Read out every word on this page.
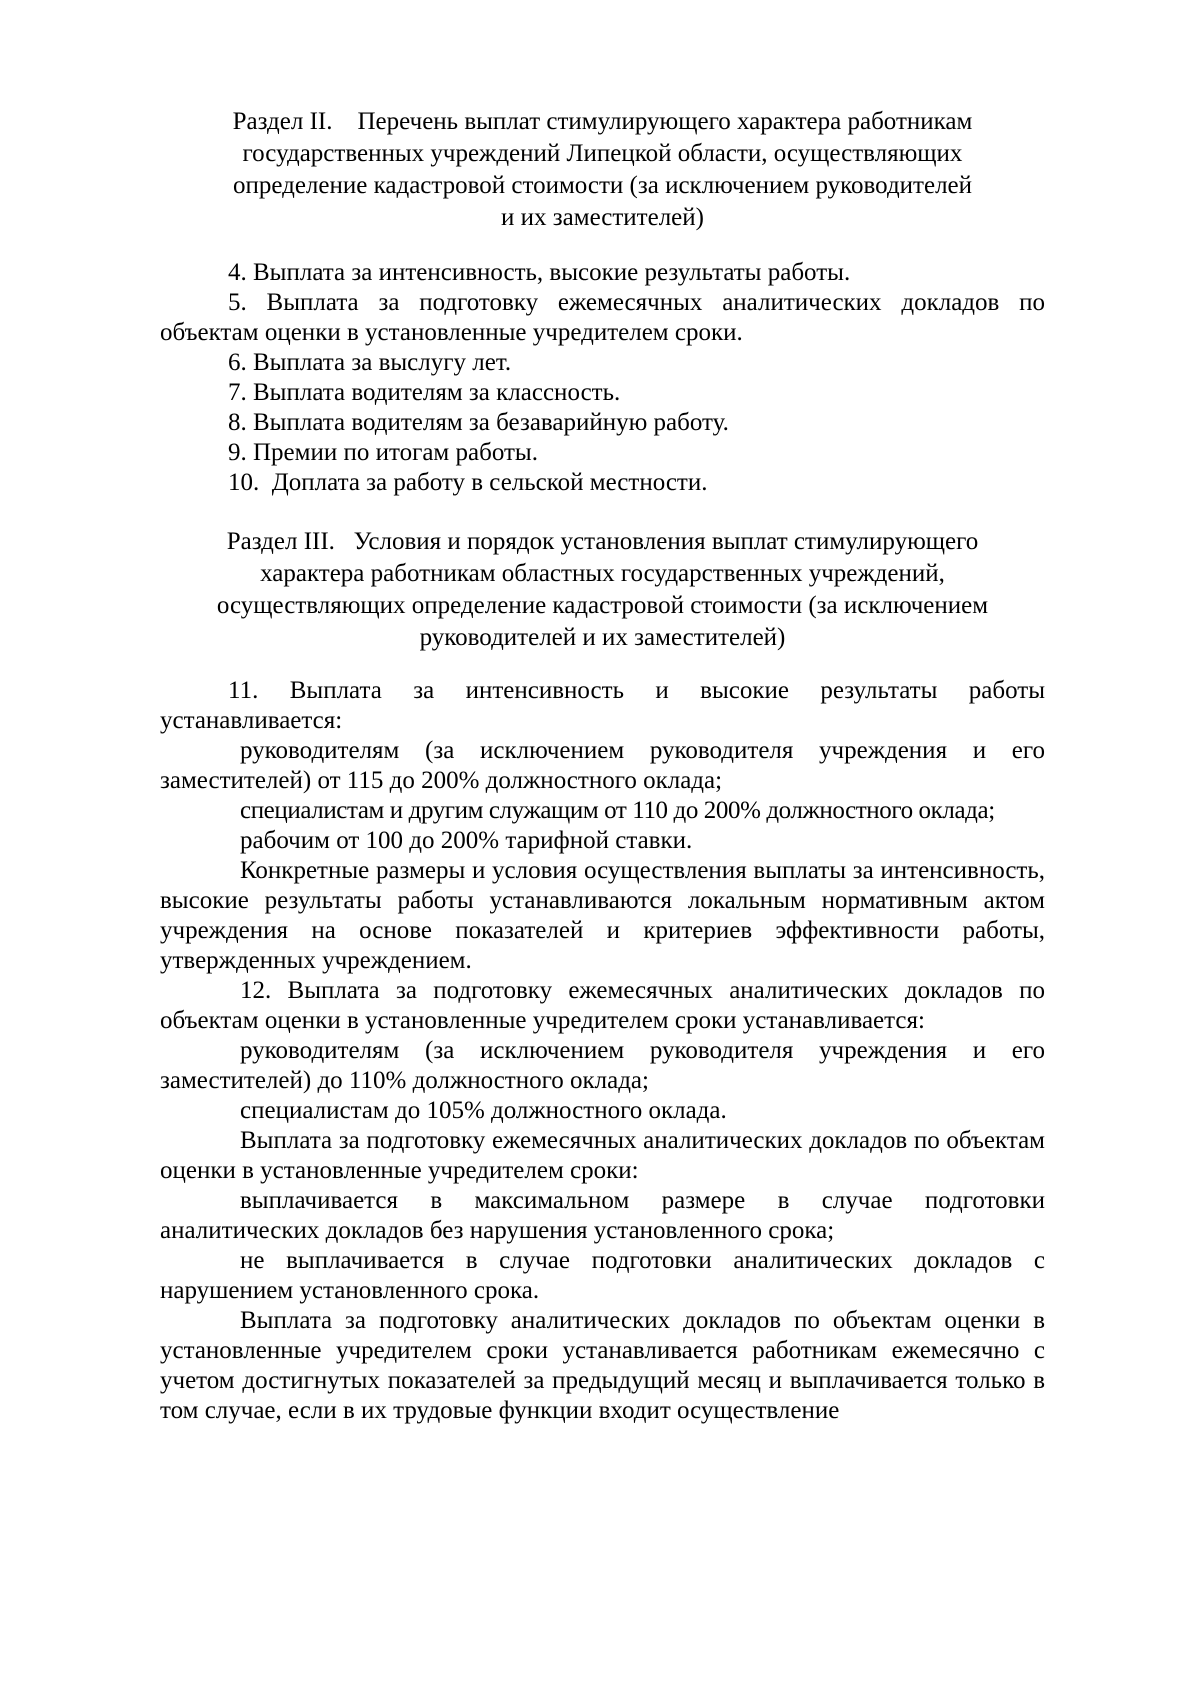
Раздел II.    Перечень выплат стимулирующего характера работникам
государственных учреждений Липецкой области, осуществляющих
определение кадастровой стоимости (за исключением руководителей
и их заместителей)
4. Выплата за интенсивность, высокие результаты работы.
5. Выплата за подготовку ежемесячных аналитических докладов по объектам оценки в установленные учредителем сроки.
6. Выплата за выслугу лет.
7. Выплата водителям за классность.
8. Выплата водителям за безаварийную работу.
9. Премии по итогам работы.
10.  Доплата за работу в сельской местности.
Раздел III.   Условия и порядок установления выплат стимулирующего
характера работникам областных государственных учреждений,
осуществляющих определение кадастровой стоимости (за исключением
руководителей и их заместителей)
11. Выплата за интенсивность и высокие результаты работы устанавливается:
руководителям (за исключением руководителя учреждения и его заместителей) от 115 до 200% должностного оклада;
специалистам и другим служащим от 110 до 200% должностного оклада;
рабочим от 100 до 200% тарифной ставки.
Конкретные размеры и условия осуществления выплаты за интенсивность, высокие результаты работы устанавливаются локальным нормативным актом учреждения на основе показателей и критериев эффективности работы, утвержденных учреждением.
12. Выплата за подготовку ежемесячных аналитических докладов по объектам оценки в установленные учредителем сроки устанавливается:
руководителям (за исключением руководителя учреждения и его заместителей) до 110% должностного оклада;
специалистам до 105% должностного оклада.
Выплата за подготовку ежемесячных аналитических докладов по объектам оценки в установленные учредителем сроки:
выплачивается в максимальном размере в случае подготовки аналитических докладов без нарушения установленного срока;
не выплачивается в случае подготовки аналитических докладов с нарушением установленного срока.
Выплата за подготовку аналитических докладов по объектам оценки в установленные учредителем сроки устанавливается работникам ежемесячно с учетом достигнутых показателей за предыдущий месяц и выплачивается только в том случае, если в их трудовые функции входит осуществление
